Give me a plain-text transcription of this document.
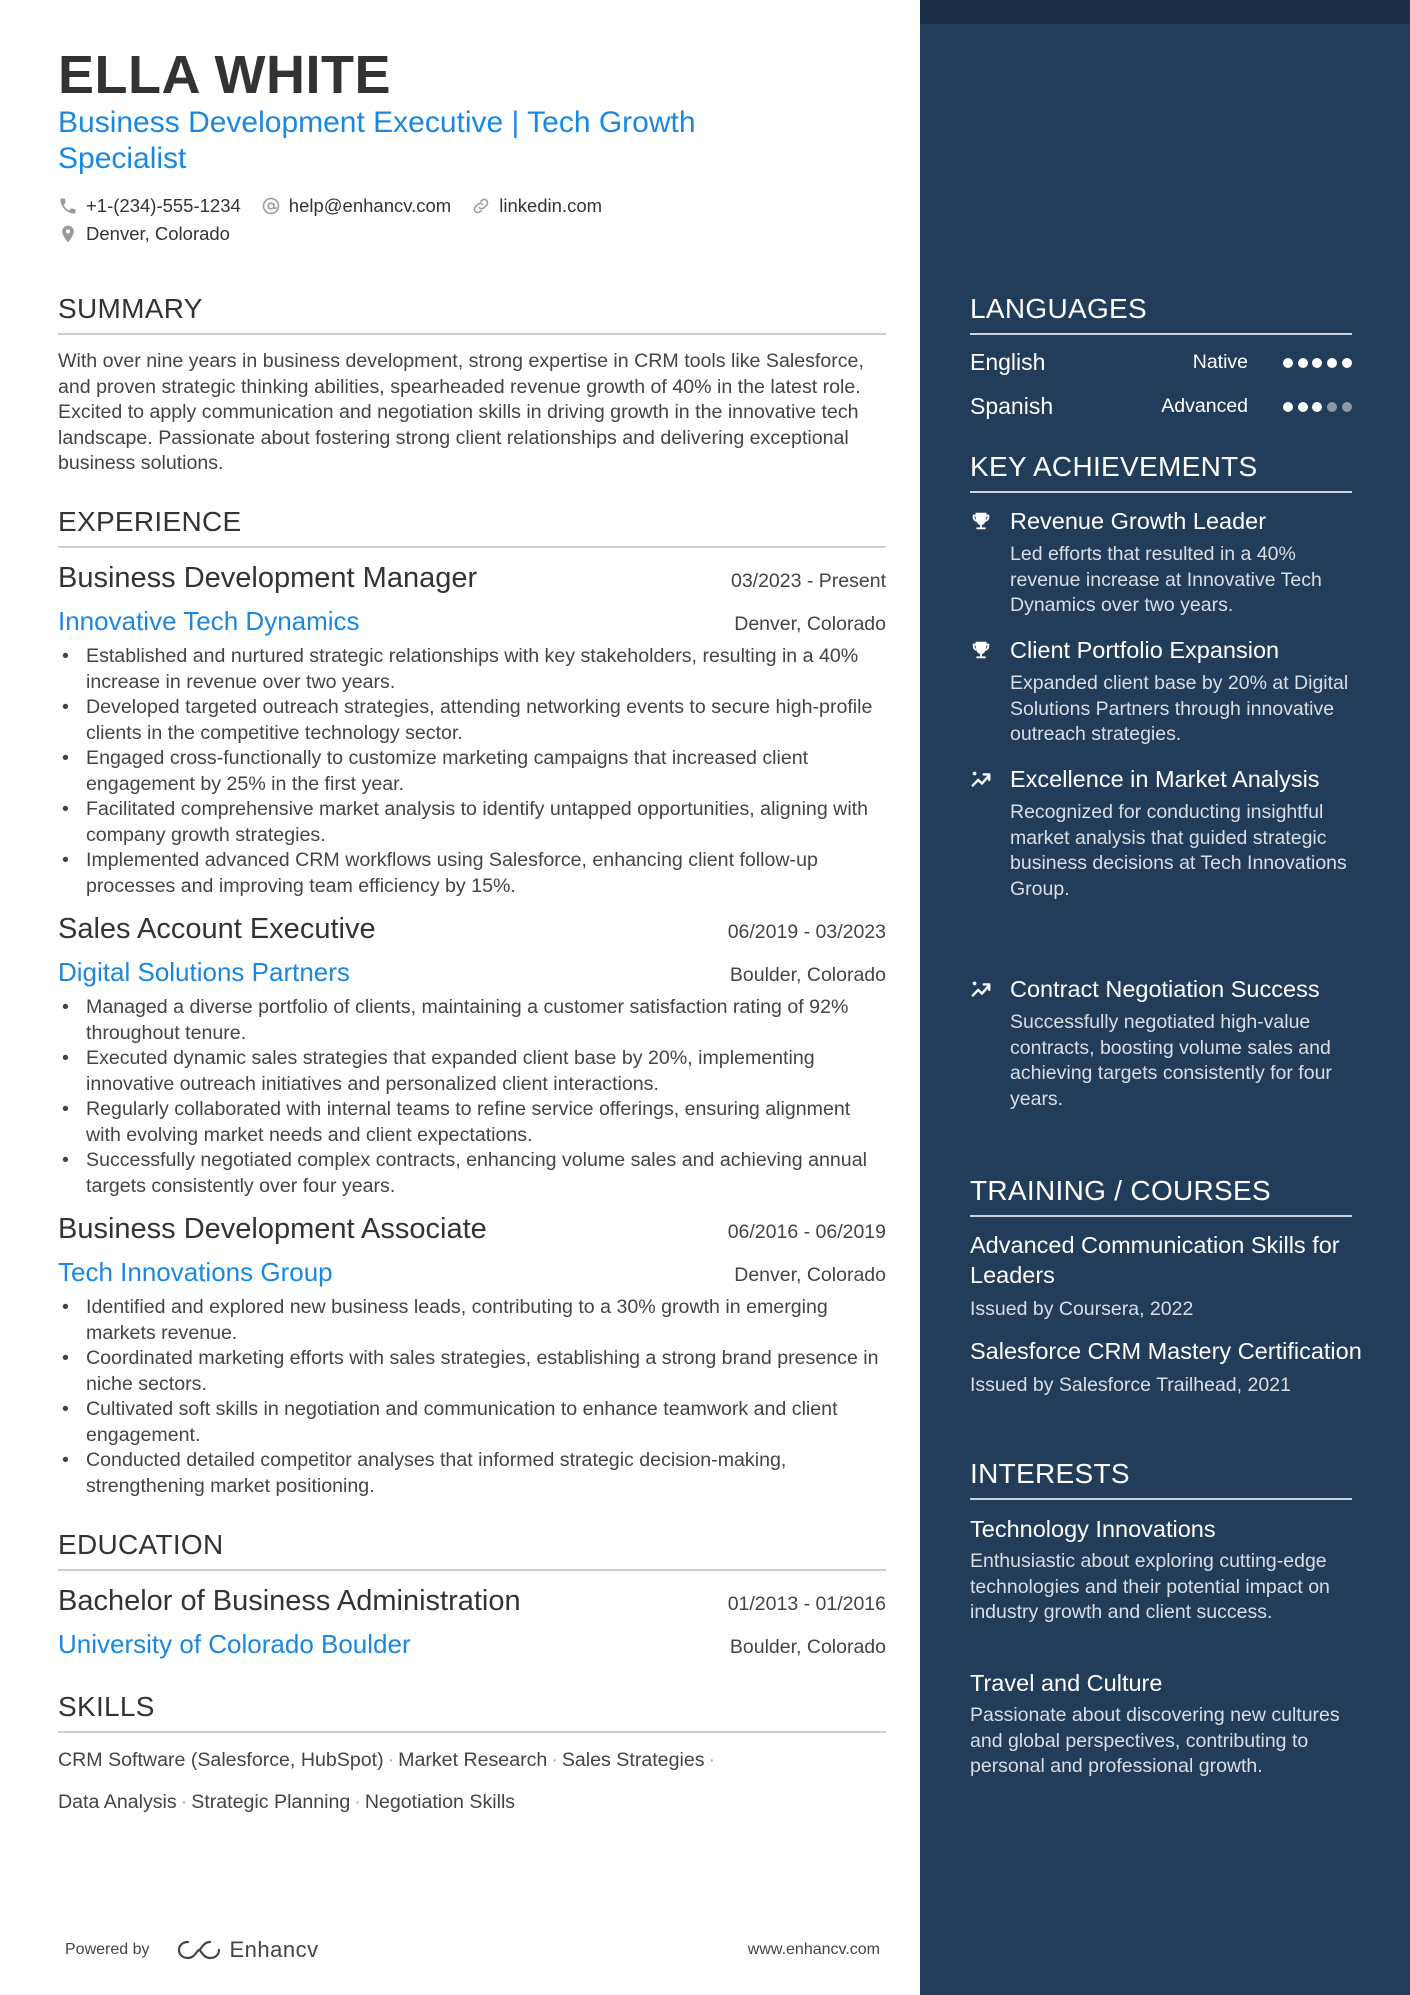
ELLA WHITE
Business Development Executive | Tech Growth Specialist
+1-(234)-555-1234	help@enhancv.com	linkedin.com
Denver, Colorado
SUMMARY
With over nine years in business development, strong expertise in CRM tools like Salesforce, and proven strategic thinking abilities, spearheaded revenue growth of 40% in the latest role. Excited to apply communication and negotiation skills in driving growth in the innovative tech landscape. Passionate about fostering strong client relationships and delivering exceptional business solutions.
EXPERIENCE
Business Development Manager	03/2023 - Present
Innovative Tech Dynamics	Denver, Colorado
• Established and nurtured strategic relationships with key stakeholders, resulting in a 40% increase in revenue over two years.
• Developed targeted outreach strategies, attending networking events to secure high-profile clients in the competitive technology sector.
• Engaged cross-functionally to customize marketing campaigns that increased client engagement by 25% in the first year.
• Facilitated comprehensive market analysis to identify untapped opportunities, aligning with company growth strategies.
• Implemented advanced CRM workflows using Salesforce, enhancing client follow-up processes and improving team efficiency by 15%.
Sales Account Executive	06/2019 - 03/2023
Digital Solutions Partners	Boulder, Colorado
• Managed a diverse portfolio of clients, maintaining a customer satisfaction rating of 92% throughout tenure.
• Executed dynamic sales strategies that expanded client base by 20%, implementing innovative outreach initiatives and personalized client interactions.
• Regularly collaborated with internal teams to refine service offerings, ensuring alignment with evolving market needs and client expectations.
• Successfully negotiated complex contracts, enhancing volume sales and achieving annual targets consistently over four years.
Business Development Associate	06/2016 - 06/2019
Tech Innovations Group	Denver, Colorado
• Identified and explored new business leads, contributing to a 30% growth in emerging markets revenue.
• Coordinated marketing efforts with sales strategies, establishing a strong brand presence in niche sectors.
• Cultivated soft skills in negotiation and communication to enhance teamwork and client engagement.
• Conducted detailed competitor analyses that informed strategic decision-making, strengthening market positioning.
EDUCATION
Bachelor of Business Administration	01/2013 - 01/2016
University of Colorado Boulder	Boulder, Colorado
SKILLS
CRM Software (Salesforce, HubSpot) · Market Research · Sales Strategies ·
Data Analysis · Strategic Planning · Negotiation Skills
Powered by	Enhancv	www.enhancv.com
LANGUAGES
English	Native
Spanish	Advanced
KEY ACHIEVEMENTS
Revenue Growth Leader
Led efforts that resulted in a 40% revenue increase at Innovative Tech Dynamics over two years.
Client Portfolio Expansion
Expanded client base by 20% at Digital Solutions Partners through innovative outreach strategies.
Excellence in Market Analysis
Recognized for conducting insightful market analysis that guided strategic business decisions at Tech Innovations Group.
Contract Negotiation Success
Successfully negotiated high-value contracts, boosting volume sales and achieving targets consistently for four years.
TRAINING / COURSES
Advanced Communication Skills for Leaders
Issued by Coursera, 2022
Salesforce CRM Mastery Certification
Issued by Salesforce Trailhead, 2021
INTERESTS
Technology Innovations
Enthusiastic about exploring cutting-edge technologies and their potential impact on industry growth and client success.
Travel and Culture
Passionate about discovering new cultures and global perspectives, contributing to personal and professional growth.
